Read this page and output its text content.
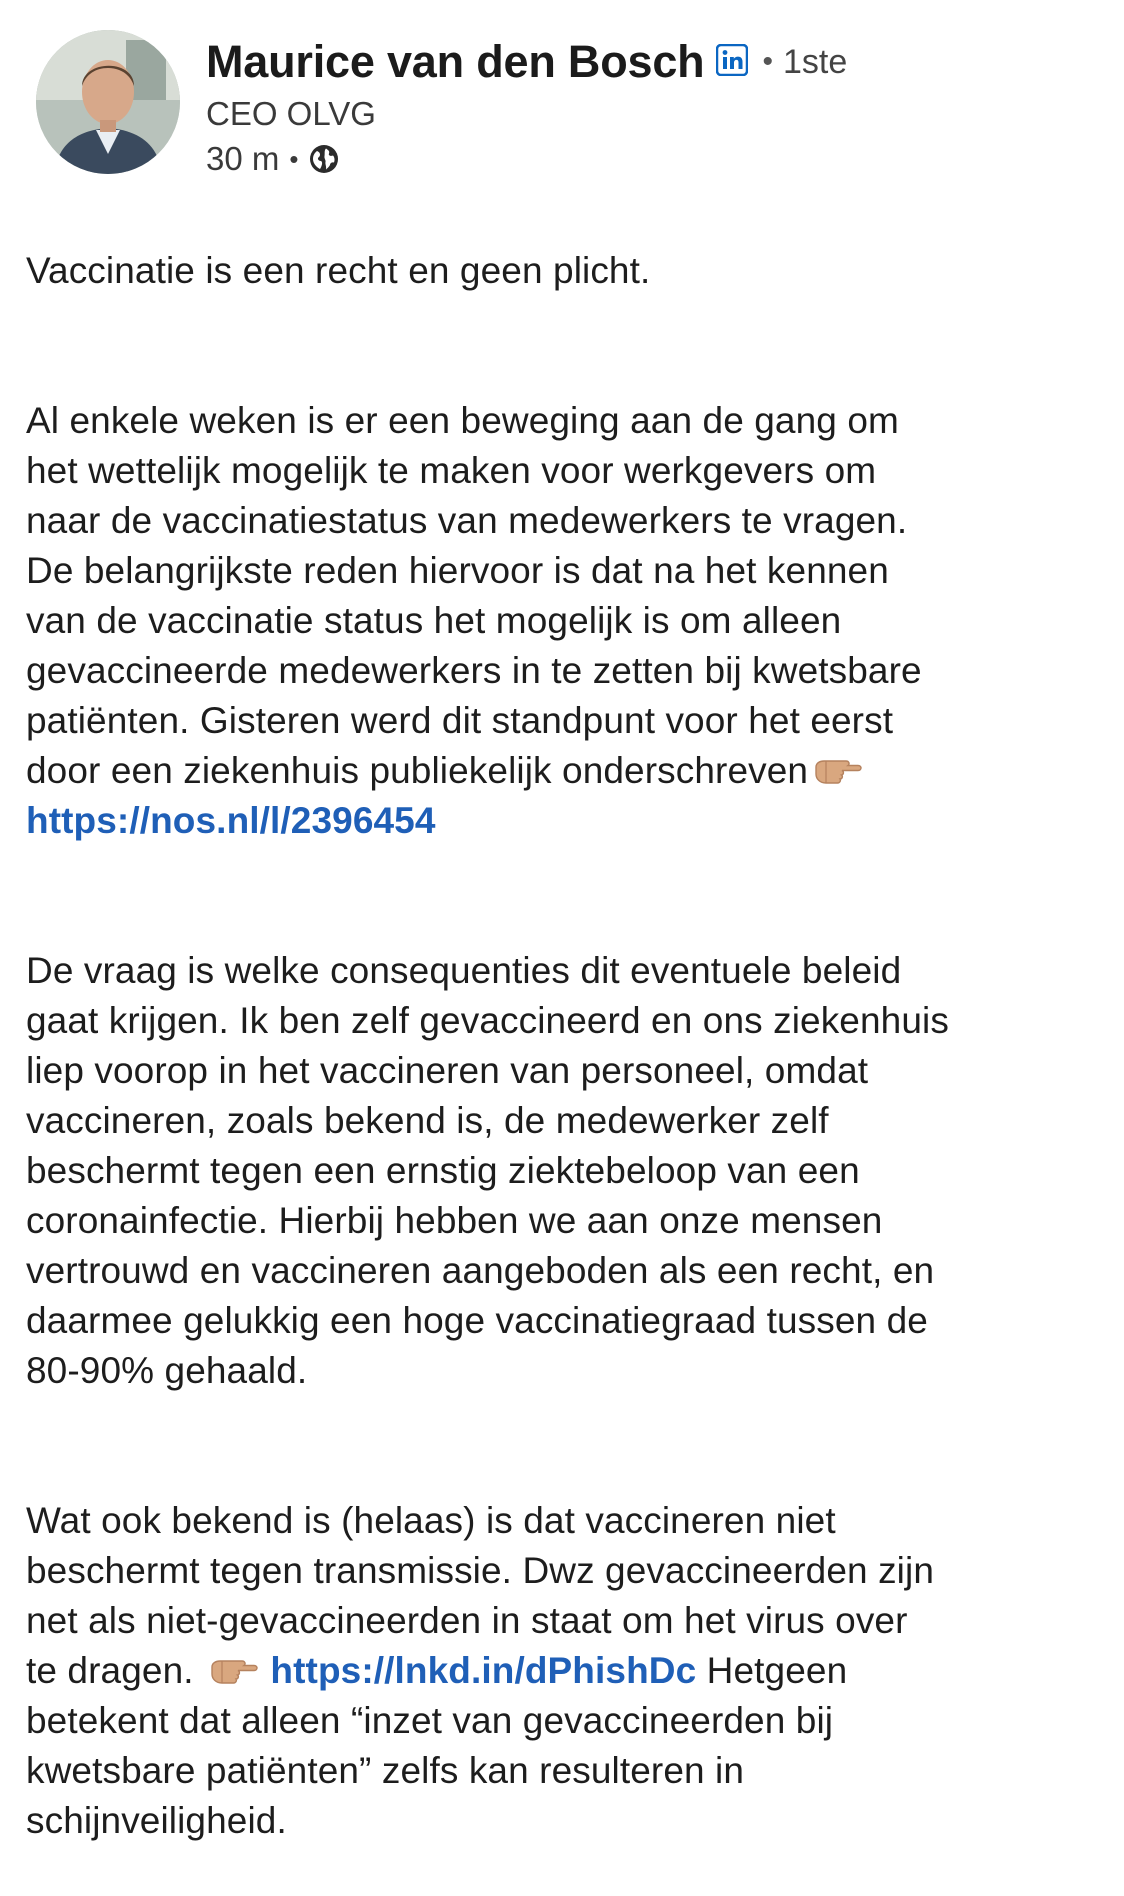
Maurice van den Bosch • 1ste
CEO OLVG
30 m •

Vaccinatie is een recht en geen plicht.

Al enkele weken is er een beweging aan de gang om
het wettelijk mogelijk te maken voor werkgevers om
naar de vaccinatiestatus van medewerkers te vragen.
De belangrijkste reden hiervoor is dat na het kennen
van de vaccinatie status het mogelijk is om alleen
gevaccineerde medewerkers in te zetten bij kwetsbare
patiënten. Gisteren werd dit standpunt voor het eerst
door een ziekenhuis publiekelijk onderschreven
https://nos.nl/l/2396454

De vraag is welke consequenties dit eventuele beleid
gaat krijgen. Ik ben zelf gevaccineerd en ons ziekenhuis
liep voorop in het vaccineren van personeel, omdat
vaccineren, zoals bekend is, de medewerker zelf
beschermt tegen een ernstig ziektebeloop van een
coronainfectie. Hierbij hebben we aan onze mensen
vertrouwd en vaccineren aangeboden als een recht, en
daarmee gelukkig een hoge vaccinatiegraad tussen de
80-90% gehaald.

Wat ook bekend is (helaas) is dat vaccineren niet
beschermt tegen transmissie. Dwz gevaccineerden zijn
net als niet-gevaccineerden in staat om het virus over
te dragen. https://lnkd.in/dPhishDc Hetgeen
betekent dat alleen “inzet van gevaccineerden bij
kwetsbare patiënten” zelfs kan resulteren in
schijnveiligheid.
